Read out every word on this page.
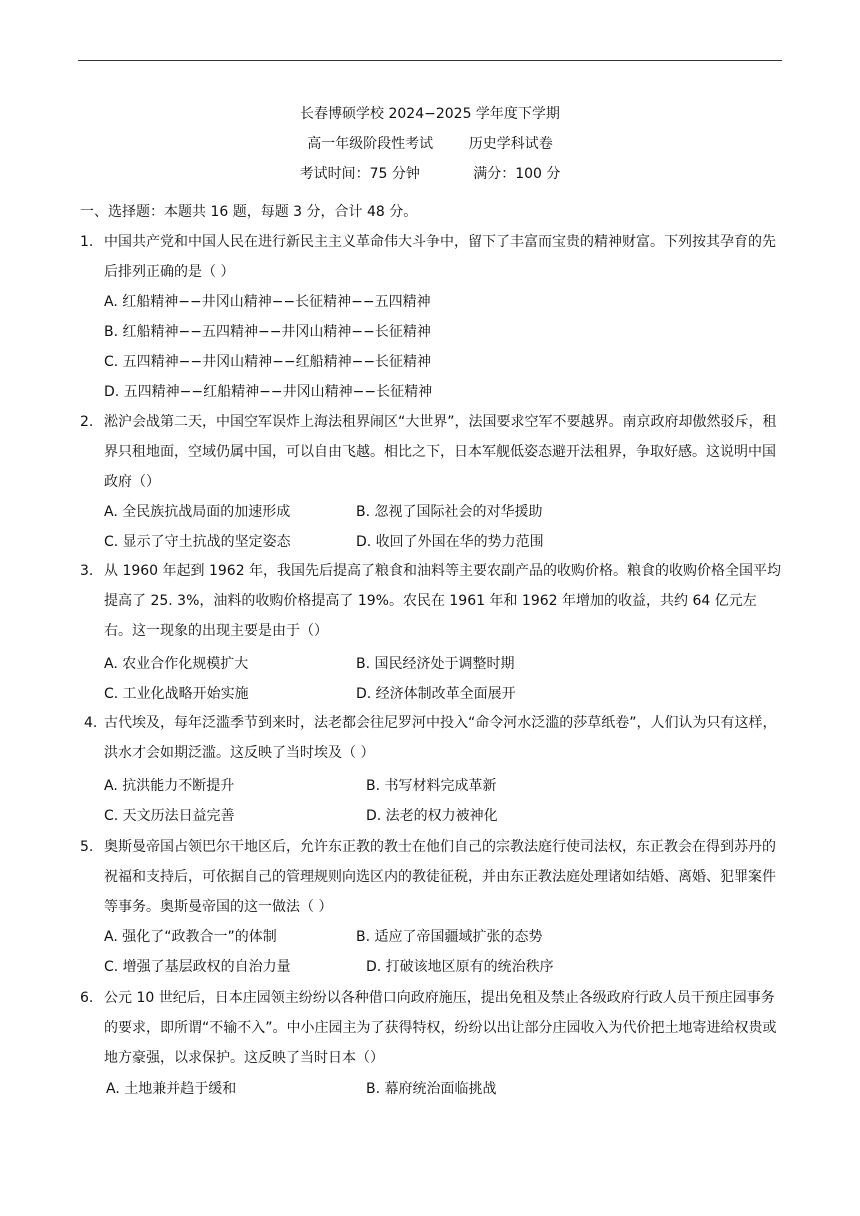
长春博硕学校 2024−2025 学年度下学期
高一年级阶段性考试        历史学科试卷
考试时间：75 分钟            满分：100 分
一、选择题：本题共 16 题，每题 3 分，合计 48 分。

1. 中国共产党和中国人民在进行新民主主义革命伟大斗争中，留下了丰富而宝贵的精神财富。下列按其孕育的先后排列正确的是（ ）

A. 红船精神−−井冈山精神−−长征精神−−五四精神
B. 红船精神−−五四精神−−井冈山精神−−长征精神
C. 五四精神−−井冈山精神−−红船精神−−长征精神
D. 五四精神−−红船精神−−井冈山精神−−长征精神

2. 淞沪会战第二天，中国空军误炸上海法租界闹区“大世界”，法国要求空军不要越界。南京政府却傲然驳斥，租界只租地面，空域仍属中国，可以自由飞越。相比之下，日本军舰低姿态避开法租界，争取好感。这说明中国政府（）

A. 全民族抗战局面的加速形成	B. 忽视了国际社会的对华援助
C. 显示了守土抗战的坚定姿态	D. 收回了外国在华的势力范围

3. 从 1960 年起到 1962 年，我国先后提高了粮食和油料等主要农副产品的收购价格。粮食的收购价格全国平均提高了 25. 3%，油料的收购价格提高了 19%。农民在 1961 年和 1962 年增加的收益，共约 64 亿元左右。这一现象的出现主要是由于（）

A. 农业合作化规模扩大	B. 国民经济处于调整时期
C. 工业化战略开始实施	D. 经济体制改革全面展开

4. 古代埃及，每年泛滥季节到来时，法老都会往尼罗河中投入“命令河水泛滥的莎草纸卷”，人们认为只有这样，洪水才会如期泛滥。这反映了当时埃及（ ）

A. 抗洪能力不断提升	B. 书写材料完成革新
C. 天文历法日益完善	D. 法老的权力被神化

5. 奥斯曼帝国占领巴尔干地区后，允许东正教的教士在他们自己的宗教法庭行使司法权，东正教会在得到苏丹的祝福和支持后，可依据自己的管理规则向选区内的教徒征税，并由东正教法庭处理诸如结婚、离婚、犯罪案件等事务。奥斯曼帝国的这一做法（ ）

A. 强化了“政教合一”的体制	B. 适应了帝国疆域扩张的态势
C. 增强了基层政权的自治力量	D. 打破该地区原有的统治秩序

6. 公元 10 世纪后，日本庄园领主纷纷以各种借口向政府施压，提出免租及禁止各级政府行政人员干预庄园事务的要求，即所谓“不输不入”。中小庄园主为了获得特权，纷纷以出让部分庄园收入为代价把土地寄进给权贵或地方豪强，以求保护。这反映了当时日本（）

A. 土地兼并趋于缓和	B. 幕府统治面临挑战
